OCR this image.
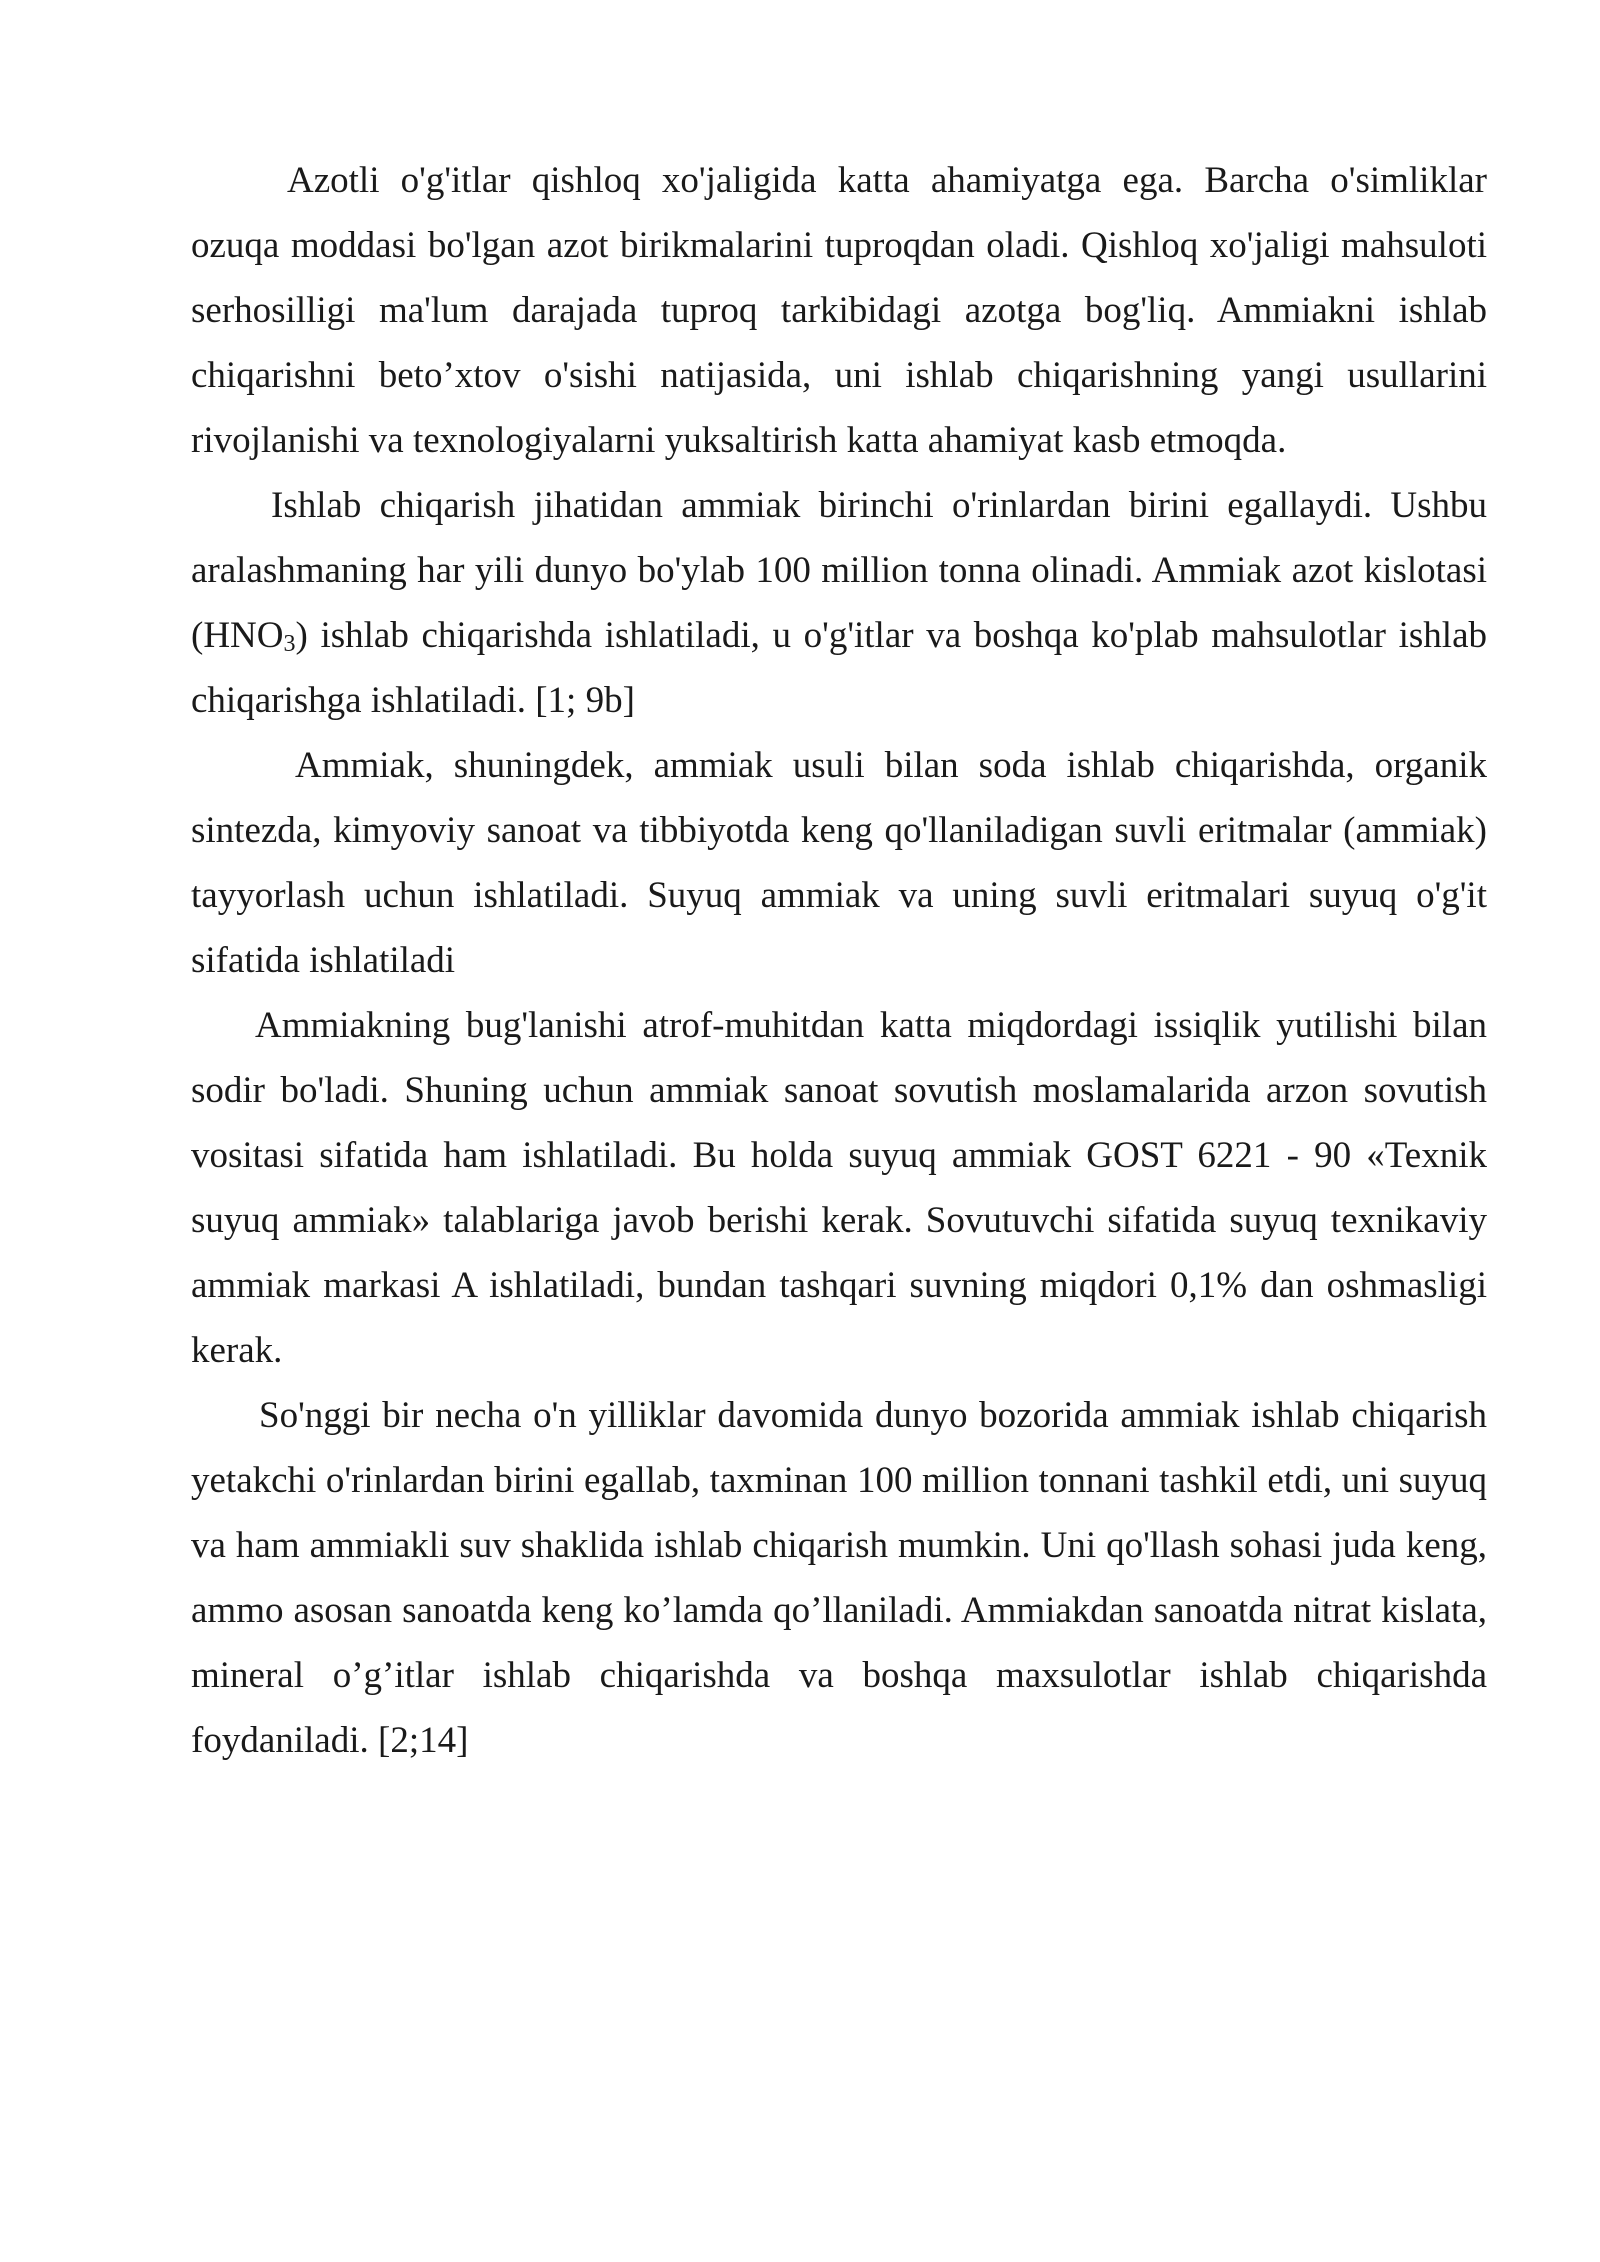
Azotli o'g'itlar qishloq xo'jaligida katta ahamiyatga ega. Barcha o'simliklar ozuqa moddasi bo'lgan azot birikmalarini tuproqdan oladi. Qishloq xo'jaligi mahsuloti serhosilligi ma'lum darajada tuproq tarkibidagi azotga bog'liq. Ammiakni ishlab chiqarishni beto’xtov o'sishi natijasida, uni ishlab chiqarishning yangi usullarini rivojlanishi va texnologiyalarni yuksaltirish katta ahamiyat kasb etmoqda.

Ishlab chiqarish jihatidan ammiak birinchi o'rinlardan birini egallaydi. Ushbu aralashmaning har yili dunyo bo'ylab 100 million tonna olinadi. Ammiak azot kislotasi $(HNO_3)$ ishlab chiqarishda ishlatiladi, u o'g'itlar va boshqa ko'plab mahsulotlar ishlab chiqarishga ishlatiladi. [1; 9b]

Ammiak, shuningdek, ammiak usuli bilan soda ishlab chiqarishda, organik sintezda, kimyoviy sanoat va tibbiyotda keng qo'llaniladigan suvli eritmalar (ammiak) tayyorlash uchun ishlatiladi. Suyuq ammiak va uning suvli eritmalari suyuq o'g'it sifatida ishlatiladi

Ammiakning bug'lanishi atrof-muhitdan katta miqdordagi issiqlik yutilishi bilan sodir bo'ladi. Shuning uchun ammiak sanoat sovutish moslamalarida arzon sovutish vositasi sifatida ham ishlatiladi. Bu holda suyuq ammiak GOST 6221 - 90 «Texnik suyuq ammiak» talablariga javob berishi kerak. Sovutuvchi sifatida suyuq texnikaviy ammiak markasi A ishlatiladi, bundan tashqari suvning miqdori 0,1% dan oshmasligi kerak.

So'nggi bir necha o'n yilliklar davomida dunyo bozorida ammiak ishlab chiqarish yetakchi o'rinlardan birini egallab, taxminan 100 million tonnani tashkil etdi, uni suyuq va ham ammiakli suv shaklida ishlab chiqarish mumkin. Uni qo'llash sohasi juda keng, ammo asosan sanoatda keng ko’lamda qo’llaniladi. Ammiakdan sanoatda nitrat kislata, mineral o’g’itlar ishlab chiqarishda va boshqa maxsulotlar ishlab chiqarishda foydaniladi. [2;14]
